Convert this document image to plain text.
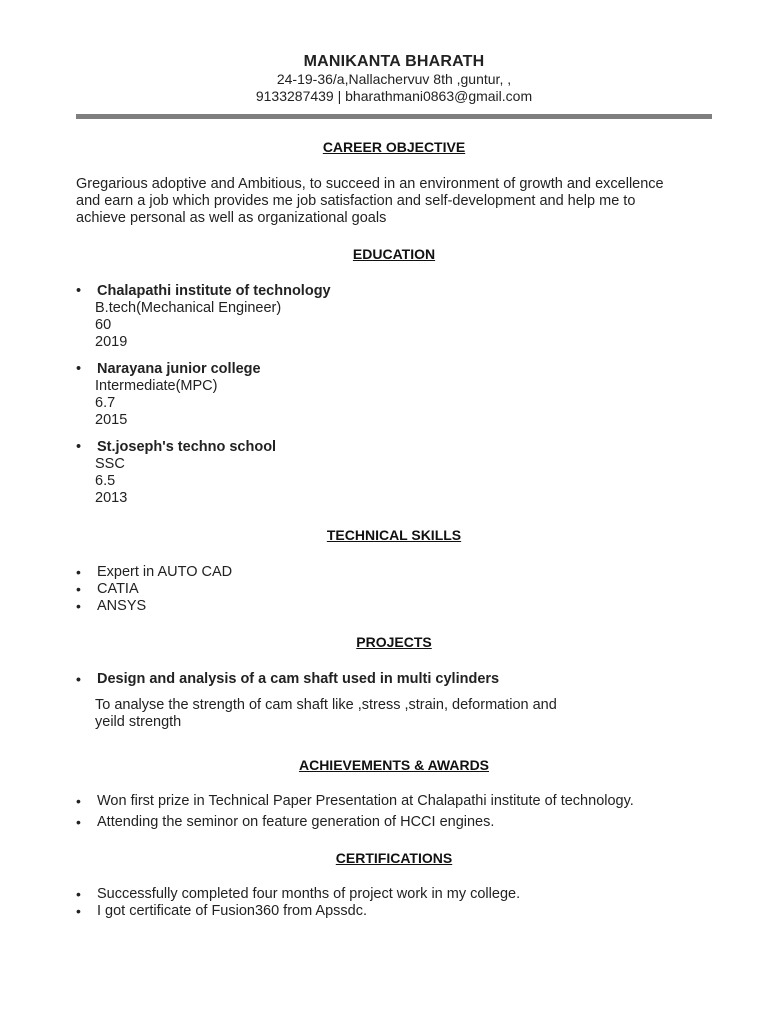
MANIKANTA BHARATH
24-19-36/a,Nallachervuv 8th ,guntur, ,
9133287439 | bharathmani0863@gmail.com
CAREER OBJECTIVE
Gregarious adoptive and Ambitious, to succeed in an environment of growth and excellence
and earn a job which provides me job satisfaction and self-development and help me to
achieve personal as well as organizational goals
EDUCATION
• Chalapathi institute of technology
B.tech(Mechanical Engineer)
60
2019
• Narayana junior college
Intermediate(MPC)
6.7
2015
• St.joseph's techno school
SSC
6.5
2013
TECHNICAL SKILLS
• Expert in AUTO CAD
• CATIA
• ANSYS
PROJECTS
• Design and analysis of a cam shaft used in multi cylinders
To analyse the strength of cam shaft like ,stress ,strain, deformation and
yeild strength
ACHIEVEMENTS & AWARDS
• Won first prize in Technical Paper Presentation at Chalapathi institute of technology.
• Attending the seminor on feature generation of HCCI engines.
CERTIFICATIONS
• Successfully completed four months of project work in my college.
• I got certificate of Fusion360 from Apssdc.
